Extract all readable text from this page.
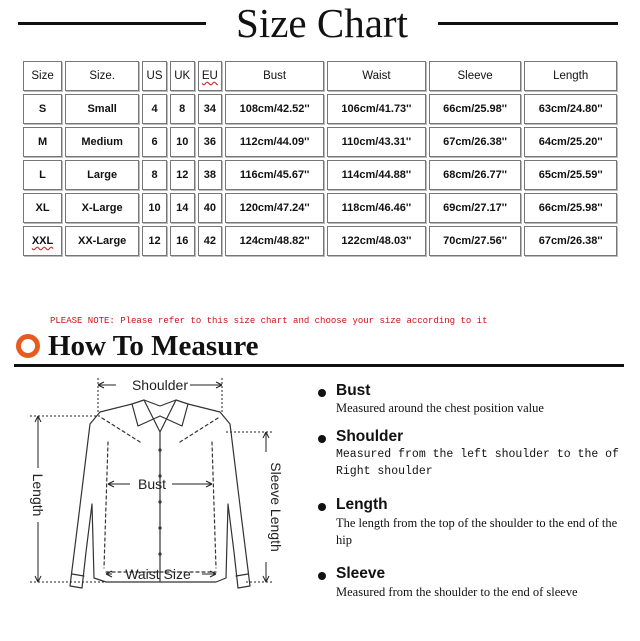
Size Chart
Size	Size.	US	UK	EU	Bust	Waist	Sleeve	Length
S	Small	4	8	34	108cm/42.52''	106cm/41.73''	66cm/25.98''	63cm/24.80''
M	Medium	6	10	36	112cm/44.09''	110cm/43.31''	67cm/26.38''	64cm/25.20''
L	Large	8	12	38	116cm/45.67''	114cm/44.88''	68cm/26.77''	65cm/25.59''
XL	X-Large	10	14	40	120cm/47.24''	118cm/46.46''	69cm/27.17''	66cm/25.98''
XXL	XX-Large	12	16	42	124cm/48.82''	122cm/48.03''	70cm/27.56''	67cm/26.38''
PLEASE NOTE: Please refer to this size chart and choose your size according to it
How To Measure
Shoulder
Bust
Waist Size
Length	Sleeve Length
Bust
Measured around the chest position value
Shoulder
Measured from the left shoulder to the of Right shoulder
Length
The length from the top of the shoulder to the end of the hip
Sleeve
Measured from the shoulder to the end of sleeve
